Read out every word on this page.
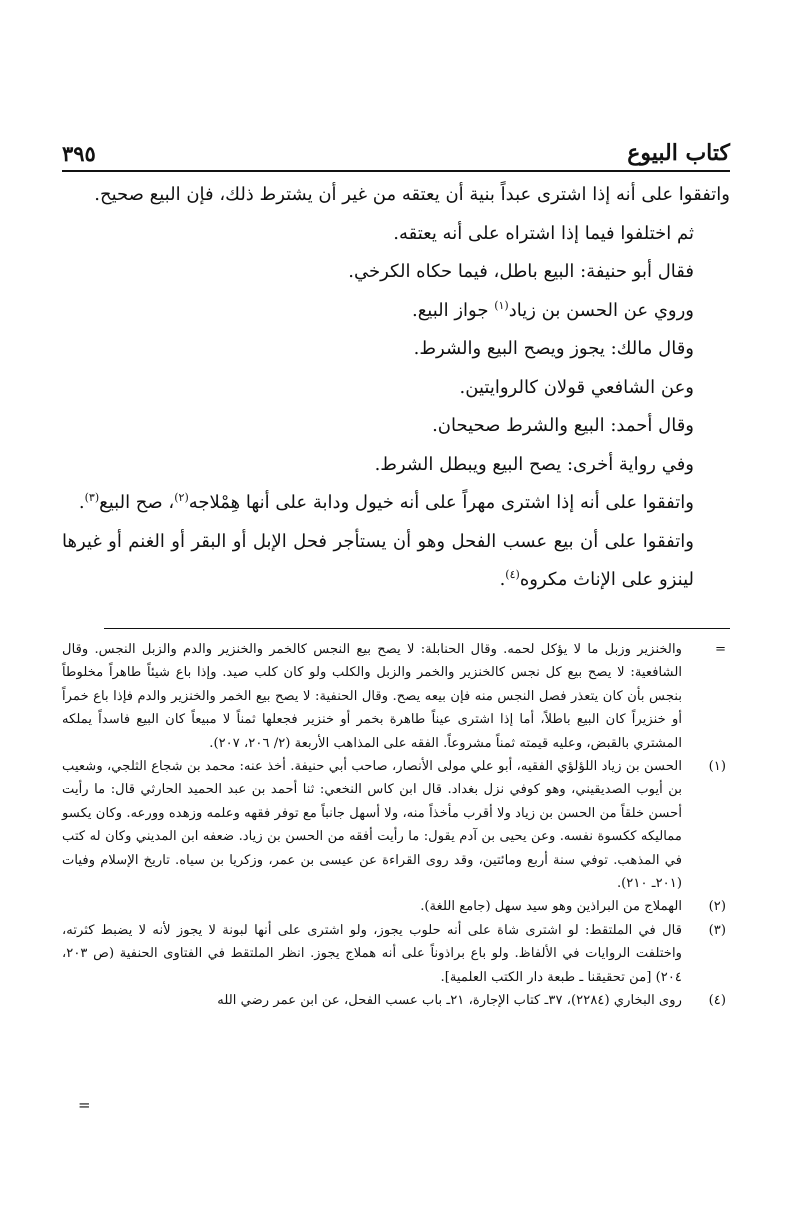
كتاب البيوع
٣٩٥

واتفقوا على أنه إذا اشترى عبداً بنية أن يعتقه من غير أن يشترط ذلك، فإن البيع صحيح.

ثم اختلفوا فيما إذا اشتراه على أنه يعتقه.

فقال أبو حنيفة: البيع باطل، فيما حكاه الكرخي.

وروي عن الحسن بن زياد$^{(١)}$ جواز البيع.

وقال مالك: يجوز ويصح البيع والشرط.

وعن الشافعي قولان كالروايتين.

وقال أحمد: البيع والشرط صحيحان.

وفي رواية أخرى: يصح البيع ويبطل الشرط.

واتفقوا على أنه إذا اشترى مهراً على أنه خيول ودابة على أنها هِمْلاجه$^{(٢)}$، صح البيع$^{(٣)}$.

واتفقوا على أن بيع عسب الفحل وهو أن يستأجر فحل الإبل أو البقر أو الغنم أو غيرها لينزو على الإناث مكروه$^{(٤)}$.

=
والخنزير وزبل ما لا يؤكل لحمه. وقال الحنابلة: لا يصح بيع النجس كالخمر والخنزير والدم والزبل النجس. وقال الشافعية: لا يصح بيع كل نجس كالخنزير والخمر والزبل والكلب ولو كان كلب صيد. وإذا باع شيئاً طاهراً مخلوطاً بنجس بأن كان يتعذر فصل النجس منه فإن بيعه يصح. وقال الحنفية: لا يصح بيع الخمر والخنزير والدم فإذا باع خمراً أو خنزيراً كان البيع باطلاً، أما إذا اشترى عيناً طاهرة بخمر أو خنزير فجعلها ثمناً لا مبيعاً كان البيع فاسداً يملكه المشتري بالقبض، وعليه قيمته ثمناً مشروعاً. الفقه على المذاهب الأربعة (٢/ ٢٠٦، ٢٠٧).
(١)
الحسن بن زياد اللؤلؤي الفقيه، أبو علي مولى الأنصار، صاحب أبي حنيفة. أخذ عنه: محمد بن شجاع الثلجي، وشعيب بن أيوب الصديقيني، وهو كوفي نزل بغداد. قال ابن كاس النخعي: ثنا أحمد بن عبد الحميد الحارثي قال: ما رأيت أحسن خلقاً من الحسن بن زياد ولا أقرب مأخذاً منه، ولا أسهل جانباً مع توفر فقهه وعلمه وزهده وورعه. وكان يكسو مماليكه ككسوة نفسه. وعن يحيى بن آدم يقول: ما رأيت أفقه من الحسن بن زياد. ضعفه ابن المديني وكان له كتب في المذهب. توفي سنة أربع ومائتين، وقد روى القراءة عن عيسى بن عمر، وزكريا بن سياه. تاريخ الإسلام وفيات (٢٠١ـ ٢١٠).
(٢)
الهملاج من البراذين وهو سيد سهل (جامع اللغة).
(٣)
قال في الملتقط: لو اشترى شاة على أنه حلوب يجوز، ولو اشترى على أنها لبونة لا يجوز لأنه لا يضبط كثرته، واختلفت الروايات في الألفاظ. ولو باع براذوناً على أنه هملاج يجوز. انظر الملتقط في الفتاوى الحنفية (ص ٢٠٣، ٢٠٤) [من تحقيقنا ـ طبعة دار الكتب العلمية].
(٤)
روى البخاري (٢٢٨٤)، ٣٧ـ كتاب الإجارة، ٢١ـ باب عسب الفحل، عن ابن عمر رضي الله
=
